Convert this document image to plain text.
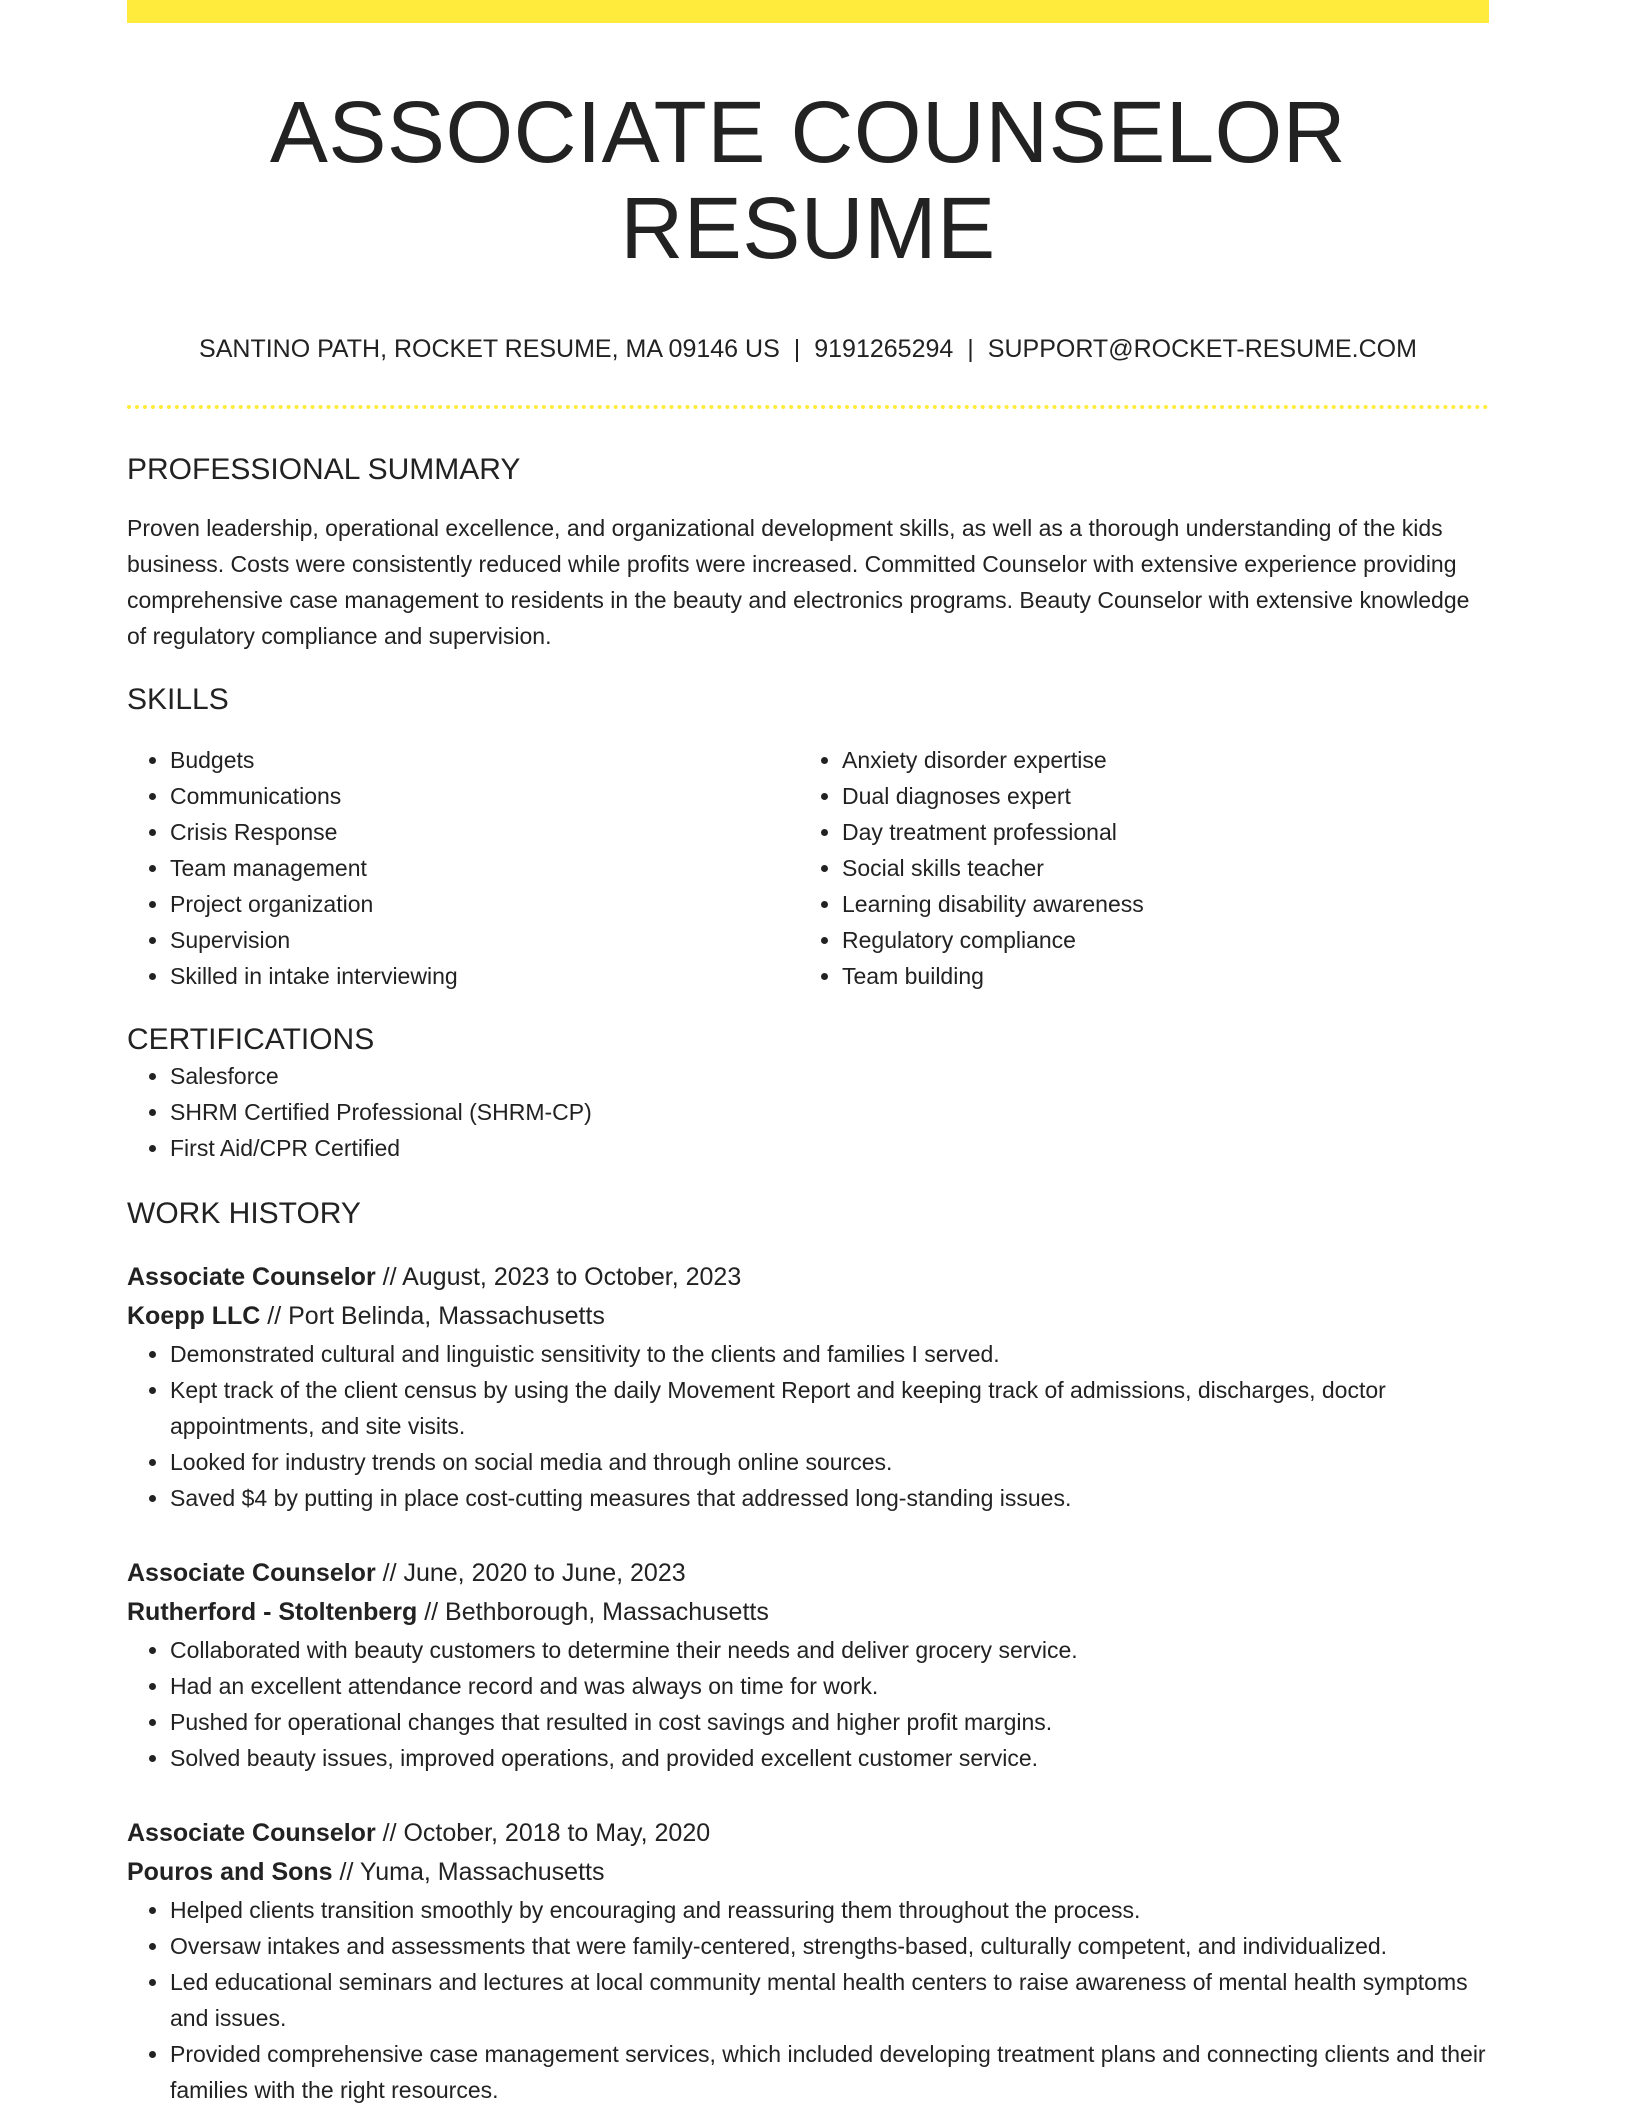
ASSOCIATE COUNSELOR RESUME
SANTINO PATH, ROCKET RESUME, MA 09146 US | 9191265294 | SUPPORT@ROCKET-RESUME.COM
PROFESSIONAL SUMMARY
Proven leadership, operational excellence, and organizational development skills, as well as a thorough understanding of the kids business. Costs were consistently reduced while profits were increased. Committed Counselor with extensive experience providing comprehensive case management to residents in the beauty and electronics programs. Beauty Counselor with extensive knowledge of regulatory compliance and supervision.
SKILLS
• Budgets
• Communications
• Crisis Response
• Team management
• Project organization
• Supervision
• Skilled in intake interviewing
• Anxiety disorder expertise
• Dual diagnoses expert
• Day treatment professional
• Social skills teacher
• Learning disability awareness
• Regulatory compliance
• Team building
CERTIFICATIONS
• Salesforce
• SHRM Certified Professional (SHRM-CP)
• First Aid/CPR Certified
WORK HISTORY
Associate Counselor // August, 2023 to October, 2023
Koepp LLC // Port Belinda, Massachusetts
• Demonstrated cultural and linguistic sensitivity to the clients and families I served.
• Kept track of the client census by using the daily Movement Report and keeping track of admissions, discharges, doctor appointments, and site visits.
• Looked for industry trends on social media and through online sources.
• Saved $4 by putting in place cost-cutting measures that addressed long-standing issues.
Associate Counselor // June, 2020 to June, 2023
Rutherford - Stoltenberg // Bethborough, Massachusetts
• Collaborated with beauty customers to determine their needs and deliver grocery service.
• Had an excellent attendance record and was always on time for work.
• Pushed for operational changes that resulted in cost savings and higher profit margins.
• Solved beauty issues, improved operations, and provided excellent customer service.
Associate Counselor // October, 2018 to May, 2020
Pouros and Sons // Yuma, Massachusetts
• Helped clients transition smoothly by encouraging and reassuring them throughout the process.
• Oversaw intakes and assessments that were family-centered, strengths-based, culturally competent, and individualized.
• Led educational seminars and lectures at local community mental health centers to raise awareness of mental health symptoms and issues.
• Provided comprehensive case management services, which included developing treatment plans and connecting clients and their families with the right resources.
